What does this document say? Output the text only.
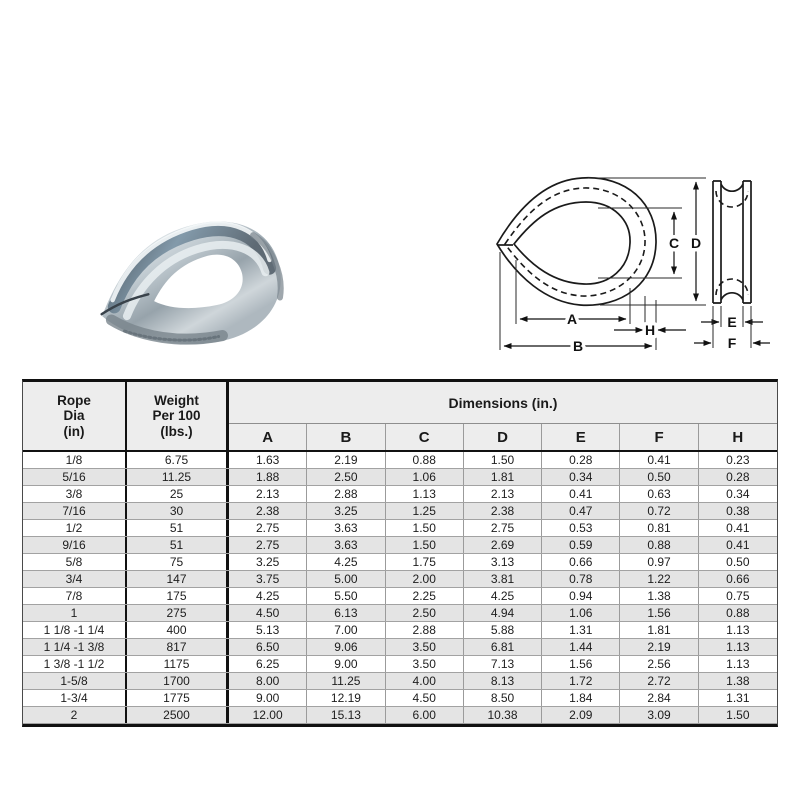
D
C
A
H
B
E
F
Rope
Dia
(in)
Weight
Per 100
(lbs.)
Dimensions (in.)
A	B	C	D	E	F	H
1/8	6.75	1.63	2.19	0.88	1.50	0.28	0.41	0.23
5/16	11.25	1.88	2.50	1.06	1.81	0.34	0.50	0.28
3/8	25	2.13	2.88	1.13	2.13	0.41	0.63	0.34
7/16	30	2.38	3.25	1.25	2.38	0.47	0.72	0.38
1/2	51	2.75	3.63	1.50	2.75	0.53	0.81	0.41
9/16	51	2.75	3.63	1.50	2.69	0.59	0.88	0.41
5/8	75	3.25	4.25	1.75	3.13	0.66	0.97	0.50
3/4	147	3.75	5.00	2.00	3.81	0.78	1.22	0.66
7/8	175	4.25	5.50	2.25	4.25	0.94	1.38	0.75
1	275	4.50	6.13	2.50	4.94	1.06	1.56	0.88
1 1/8 -1 1/4	400	5.13	7.00	2.88	5.88	1.31	1.81	1.13
1 1/4 -1 3/8	817	6.50	9.06	3.50	6.81	1.44	2.19	1.13
1 3/8 -1 1/2	1175	6.25	9.00	3.50	7.13	1.56	2.56	1.13
1-5/8	1700	8.00	11.25	4.00	8.13	1.72	2.72	1.38
1-3/4	1775	9.00	12.19	4.50	8.50	1.84	2.84	1.31
2	2500	12.00	15.13	6.00	10.38	2.09	3.09	1.50
